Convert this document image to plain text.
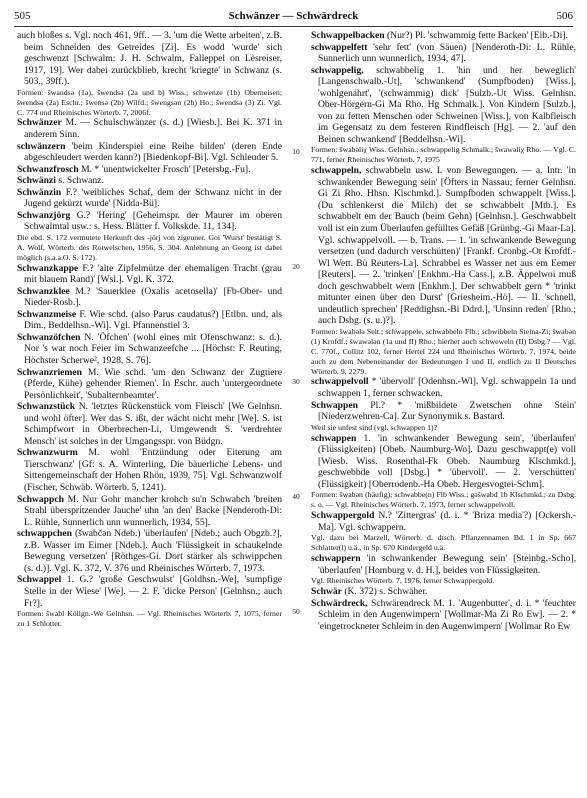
505	Schwänzer — Schwärdreck	506
auch bloßes s. Vgl. noch 461, 9ff.. — 3. 'um die Wette arbeiten', z.B. beim Schneiden des Getreides [Zi]. Es wodd 'wurde' sich geschwenzt [Schwalm: J. H. Schwalm, Falleppel on Lèsreiser, 1917, 19]. Wer dabei zurückblieb, krecht 'kriegte' in Schwanz (s. 503., 39ff.).
Formen: šwandsə (1a), šwendsə (2a und b) Wiss.; schwenze (1b) Oberneisen; šwendsə (2a) Eschr.; šwensə (2b) Wilfd.; šwengsən (2b) Ho.; šwendsə (3) Zi. Vgl. C. 774 und Rheinisches Wörterb. 7, 2006f.
Schwänzer M. — Schulschwänzer (s. d.) [Wiesb.]. Bei K. 371 in anderem Sinn.
schwänzern 'beim Kinderspiel eine Reihe bilden' (deren Ende abgeschleudert werden kann?) [Biedenkopf-Bi]. Vgl. Schleuder 5.
Schwanzfrosch M. * 'unentwickelter Frosch' [Petersbg.-Fu].
Schwänzi s. Schwanz.
Schwänzin F.? 'weibliches Schaf, dem der Schwanz nicht in der Jugend gekürzt wurde' [Nidda-Bü].
Schwanzjörg G.? 'Hering' [Geheimspr. der Maurer im oberen Schwalmtal usw.: s. Hess. Blätter f. Volkskde. 11, 134].
Die ebd. S. 172 vermutete Herkunft des -jörj von zigeuner. Goi 'Wurst' bestätigt S. A. Wolf, Wörterb. des Rotwelschen, 1956, S. 304. Anlehnung an Georg ist dabei möglich (s.a.a.O. S. 172).
Schwanzkappe F.? 'alte Zipfelmütze der ehemaligen Tracht (grau mit blauem Rand)' [Wsl.]. Vgl. K. 372.
Schwanzklee M.? 'Sauerklee (Oxalis acetosella)' [Fb-Ober- und Nieder-Rosb.].
Schwanzmeise F. Wie schd. (also Parus caudatus?) [Etlbn. und, als Dim., Beddelhsn.-Wi]. Vgl. Pfannenstiel 3.
Schwanzöfchen N. 'Öfchen' (wohl eines mit Ofenschwanz: s. d.). Nor 's war noch Feier im Schwanzeefche ... [Höchst: F. Reuting, Höchster Scherwe², 1928, S. 76].
Schwanzriemen M. Wie schd. 'um den Schwanz der Zugtiere (Pferde, Kühe) gehender Riemen'. In Eschr. auch 'untergeordnete Persönlichkeit', 'Subalternbeamter'.
Schwanzstück N. 'letztes Rückenstück vom Fleisch' [We Gelnhsn. und wohl öfter]. Wer das S. ißt, der wächt nicht mehr [We]. S. ist Schimpfwort in Oberbrechen-Li, Umgewendt S. 'verdrehter Mensch' ist solches in der Umgangsspr. von Büdgn.
Schwanzwurm M. wohl 'Entzündung oder Eiterung am Tierschwanz' [Gf: s. A. Winterling, Die bäuerliche Lebens- und Sittengemeinschaft der Hohen Rhön, 1939, 75]. Vgl. Schwanzwolf (Fischer, Schwäb. Wörterb. 5, 1241).
Schwappch M. Nur Gohr mancher krohch su'n Schwabch 'breiten Strahl überspritzender Jauche' uhn 'an den' Backe [Nenderoth-Di: L. Rühle, Sunnerlich unn wunnerlich, 1934, 55].
schwappchen (šwabčən Ndeb.) 'überlaufen' [Ndeb.; auch Obgzb.?], z.B. Wasser im Eimer [Ndeb.]. Auch 'Flüssigkeit in schaukelnde Bewegung versetzen' [Röthges-Gi. Dort stärker als schwippchen (s. d.)]. Vgl. K. 372, V. 376 und Rheinisches Wörterb. 7, 1973.
Schwappel 1. G.? 'große Geschwulst' [Goldhsn.-We], 'sumpfige Stelle in der Wiese' [We]. — 2. F. 'dicke Person' [Gelnhsn.; auch Fr?].
Formen: šwabl Köllgn.-We Gelnhsn. — Vgl. Rheinisches Wörterb. 7, 1075, ferner zu 1 Schlotter.
Schwappelbacken (Nur?) Pl. 'schwammig fette Backen' [Eib.-Di].
schwappelfett 'sehr fett' (von Säuen) [Nenderoth-Di: L. Rühle, Sunnerlich unn wunnerlich, 1934, 47].
schwappelig, schwabbelig 1. 'hin und her beweglich' [Langenschwalb.-Ut], 'schwankend' (Sumpfboden) [Wiss.], 'wohlgenährt', '(schwammig) dick' [Sulzb.-Ut Wiss. Gelnhsn. Ober-Hörgern-Gi Ma Rho. Hg Schmalk.]. Von Kindern [Sulzb.], von zu fetten Menschen oder Schweinen [Wiss.], von Kalbfleisch im Gegensatz zu dem festeren Rindfleisch [Hg]. — 2. 'auf den Beinen schwankend' [Beddelhsn.-Wi].
Formen: šwabəliχ Wiss. Gelnhsn.; schwappelig Schmalk.; šwawəliχ Rho. — Vgl. C. 771, ferner Rheinisches Wörterb. 7, 1975
schwappeln, schwabbeln usw. I. von Bewegungen. — a. Intr. 'in schwankender Bewegung sein' [Öfters in Nassau; ferner Gelnhsn. Gi Zi Rho. Hhsn. Klschmkd.]. Sumpfboden schwappelt [Wiss.]. (Du schlenkerst die Milch) det se schwabbelt [Mtb.]. Es schwabbelt em der Bauch (beim Gehn) [Gelnhsn.]. Geschwabbelt voll ist ein zum Überlaufen gefülltes Gefäß [Grünbg.-Gi Maar-La]. Vgl. schwappelvoll. — b. Trans. — 1. 'in schwankende Bewegung versetzen (und dadurch verschütten)' [Frankf. Cronbg.-Ot Krofdf.-Wl Wett. Bü Reuters-La]. Schrabbel es Wasser net aus em Eemer [Reuters]. — 2. 'trinken' [Enkhm.-Ha Cass.], z.B. Äppelwoi muß doch geschwabbelt wern [Enkhm.]. Der schwabbelt gern * 'trinkt mitunter einen über den Durst' [Griesheim.-Hö]. — II. 'schnell, undeutlich sprechen' [Reddighsn.-Bi Ddrd.], 'Unsinn reden' [Rho.; auch Dsbg. (s. u.)?].
Formen: šwabələ Selt.; schwappele, schwabbeln Flb.; schwibbeln Steina-Zi; šwabən (1) Krofdf.; šwawələn (1a und II) Rho.; hierher auch schweweln (II) Dsbg.? — Vgl. C. 770f., Collitz 102, ferner Hertel 224 und Rheinisches Wörterb. 7, 1974, beide auch zu dem Nebeneinander der Bedeutungen I und II, endlich zu II Deutsches Wörterb. 9, 2279.
schwappelvoll * 'übervoll' [Odenhsn.-Wl]. Vgl. schwappeln 1a und schwappen 1, ferner schwacken.
Schwappen Pl.? * 'mißbildete Zwetschen ohne Stein' [Niederzwehren-Ca]. Zur Synonymik s. Bastard.
Weil sie unfest sind (vgl. schwappen 1)?
schwappen 1. 'in schwankender Bewegung sein', 'überlaufen' (Flüssigkeiten) [Obeb. Naumburg-Wo]. Dazu geschwappt(e) voll [Wiesb. Wiss. Rosenthal-Fk Obeb. Naumburg Klschmkd.], geschwebbde voll [Dsbg.] * 'übervoll'. — 2. 'verschütten' (Flüssigkeit) [Oberrodenb.-Ha Obeb. Hergesvogtei-Schm].
Formen: šwabən (häufig); schwabbe(n) Flb Wiss.; gəšwabd 1b Klschmkd.; zu Dsbg. s. o. — Vgl. Rheinisches Wörterb. 7, 1973, ferner schwappelvoll.
Schwappergold N.? 'Zittergras' (d. i. * 'Briza media'?) [Ockersh.-Ma]. Vgl. schwappern.
Vgl. dazu bei Marzell, Wörterb. d. dtsch. Pflanzennamen Bd. 1 in Sp. 667 Schlatter(l) u.ä., in Sp. 670 Kindergeld u.ä.
schwappern 'in schwankender Bewegung sein' [Steinbg.-Scho], 'überlaufen' [Homburg v. d. H.], beides von Flüssigkeiten.
Vgl. Rheinisches Wörterb. 7, 1976, ferner Schwappergold.
Schwär (K. 372) s. Schwäher.
Schwärdreck, Schwärendreck M. 1. 'Augenbutter', d. i. * 'feuchter Schleim in den Augenwimpern' [Wollmar-Ma Zi Ro Ew]. — 2. * 'eingetrockneter Schleim in den Augenwimpern' [Wollmar Ro Ew
10
20
30
40
50
